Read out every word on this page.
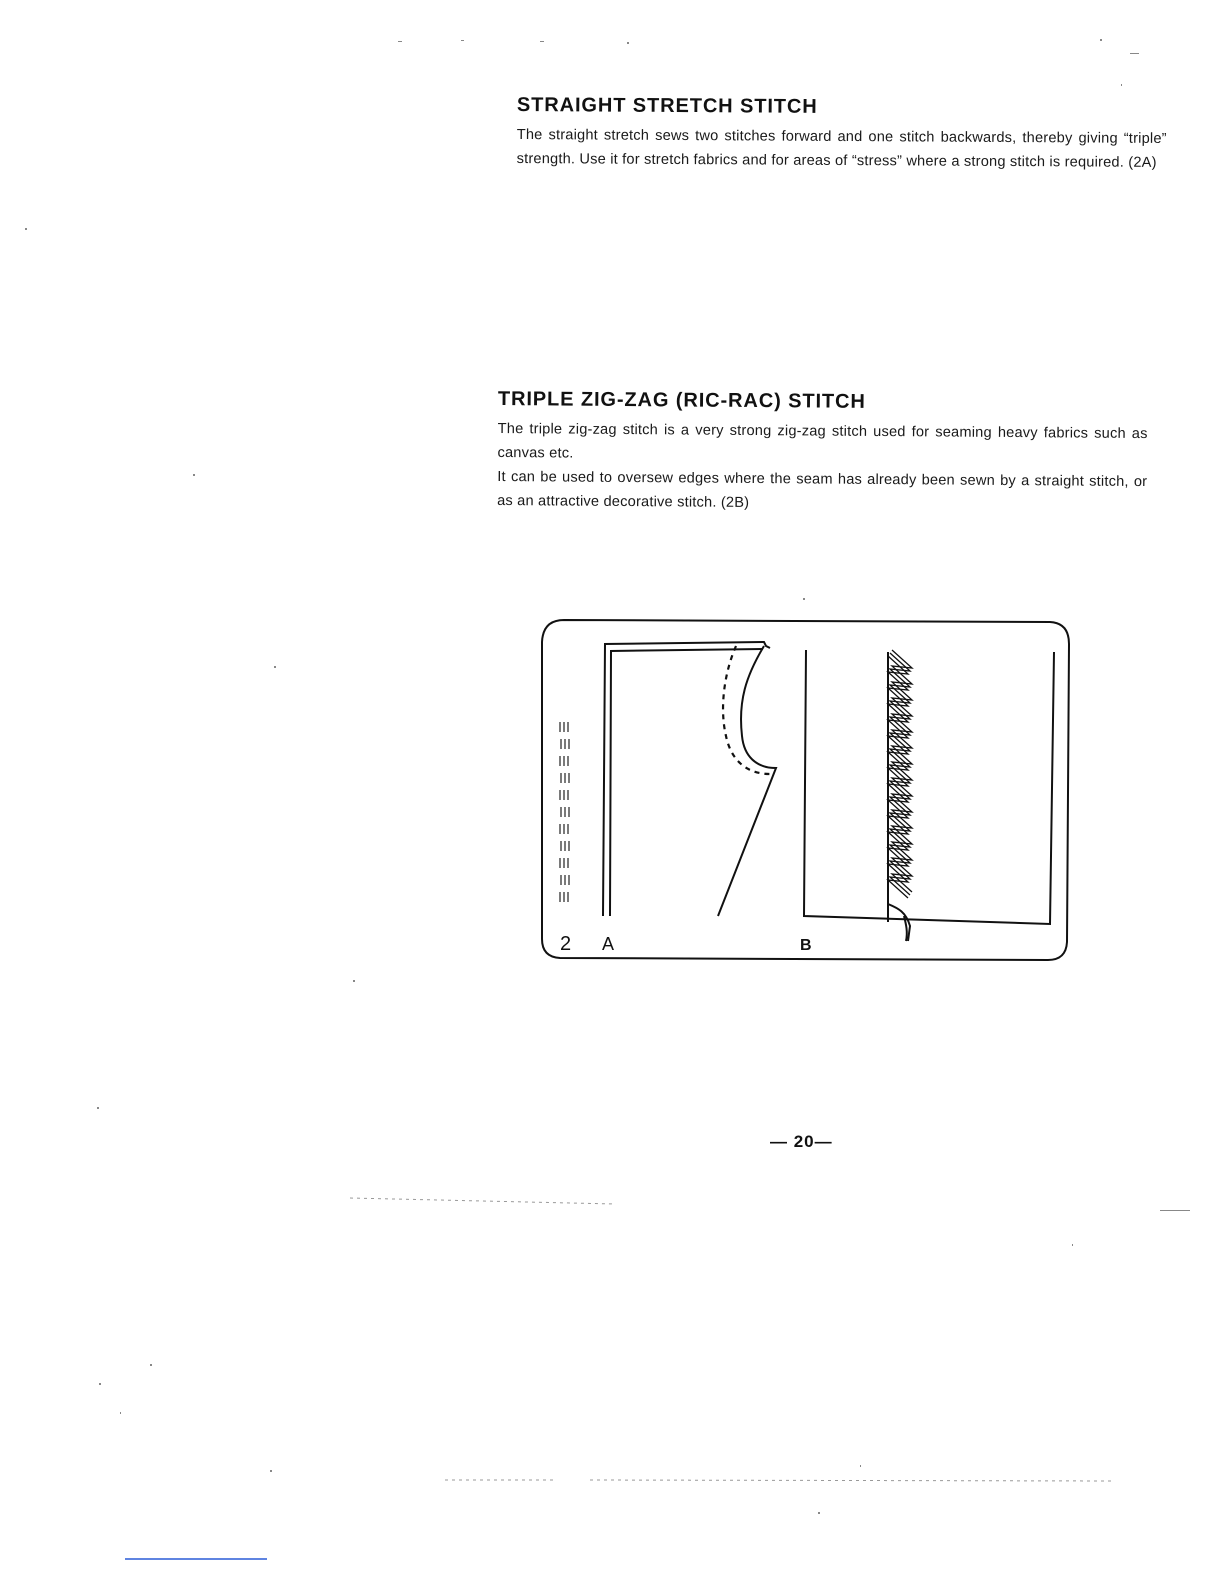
STRAIGHT STRETCH STITCH

The straight stretch sews two stitches forward and one stitch backwards, thereby giving “triple” strength. Use it for stretch fabrics and for areas of “stress” where a strong stitch is required. (2A)

TRIPLE ZIG-ZAG (RIC-RAC) STITCH

The triple zig-zag stitch is a very strong zig-zag stitch used for seaming heavy fabrics such as canvas etc.

It can be used to oversew edges where the seam has already been sewn by a straight stitch, or as an attractive decorative stitch. (2B)

2 A	B
— 20—
